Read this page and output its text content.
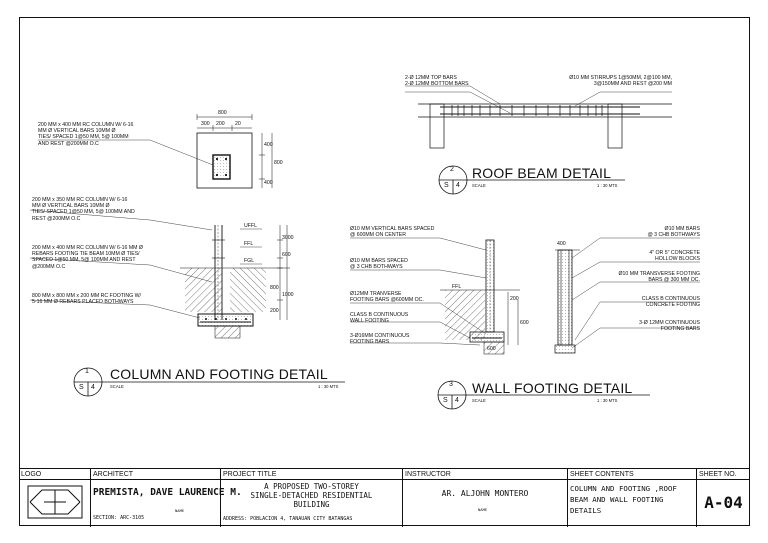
200 MM x 400 MM RC COLUMN W/ 6-16
MM Ø VERTICAL BARS 10MM Ø
TIES/ SPACED 1@50 MM, 5@ 100MM
AND REST @200MM O.C
200 MM x 350 MM RC COLUMN W/ 6-16
MM Ø VERTICAL BARS 10MM Ø
TIES/ SPACED 1@50 MM, 5@ 100MM AND
REST @200MM O.C
200 MM x 400 MM RC COLUMN W/ 6-16 MM Ø
REBARS FOOTING TIE BEAM 10MM Ø TIES/
SPACED 1@50 MM, 5@ 100MM AND REST
@200MM O.C
800 MM x 800 MM x 200 MM RC FOOTING W/
5-16 MM Ø REBARS PLACED BOTHWAYS
800
300 200 20
400
800
400
UFFL
FFL
FGL
3000
600
800
1000
200
2-Ø 12MM TOP BARS
2-Ø 12MM BOTTOM BARS
Ø10 MM STIRRUPS 1@50MM, 2@100 MM,
3@150MM AND REST @200 MM
Ø10 MM VERTICAL BARS SPACED
@ 600MM ON CENTER
Ø10 MM BARS SPACED
@ 3 CHB BOTHWAYS
Ø12MM TRANVERSE
FOOTING BARS @600MM OC.
CLASS B CONTINUOUS
WALL FOOTING
3-Ø16MM CONTINUOUS
FOOTING BARS
FFL
400
200
600
600
Ø10 MM BARS
@ 3 CHB BOTHWAYS
4" OR 5" CONCRETE
HOLLOW BLOCKS
Ø10 MM TRANSVERSE FOOTING
BARS @ 300 MM OC.
CLASS B CONTINUOUS
CONCRETE FOOTING
3-Ø 12MM CONTINUOUS
FOOTING BARS
1
S 4
COLUMN AND FOOTING DETAIL
SCALE	1 : 30 MTS
2
S 4
ROOF BEAM DETAIL
SCALE	1 : 30 MTS
3
S 4
WALL FOOTING DETAIL
SCALE	1 : 30 MTS
LOGO	ARCHITECT
PREMISTA, DAVE LAURENCE M.
NAME
SECTION: ARC-3105
PROJECT TITLE
A PROPOSED TWO-STOREY
SINGLE-DETACHED RESIDENTIAL
BUILDING
ADDRESS: POBLACION 4, TANAUAN CITY BATANGAS
INSTRUCTOR
AR. ALJOHN MONTERO
NAME
SHEET CONTENTS
COLUMN AND FOOTING ,ROOF
BEAM AND WALL FOOTING
DETAILS
SHEET NO.
A-04
